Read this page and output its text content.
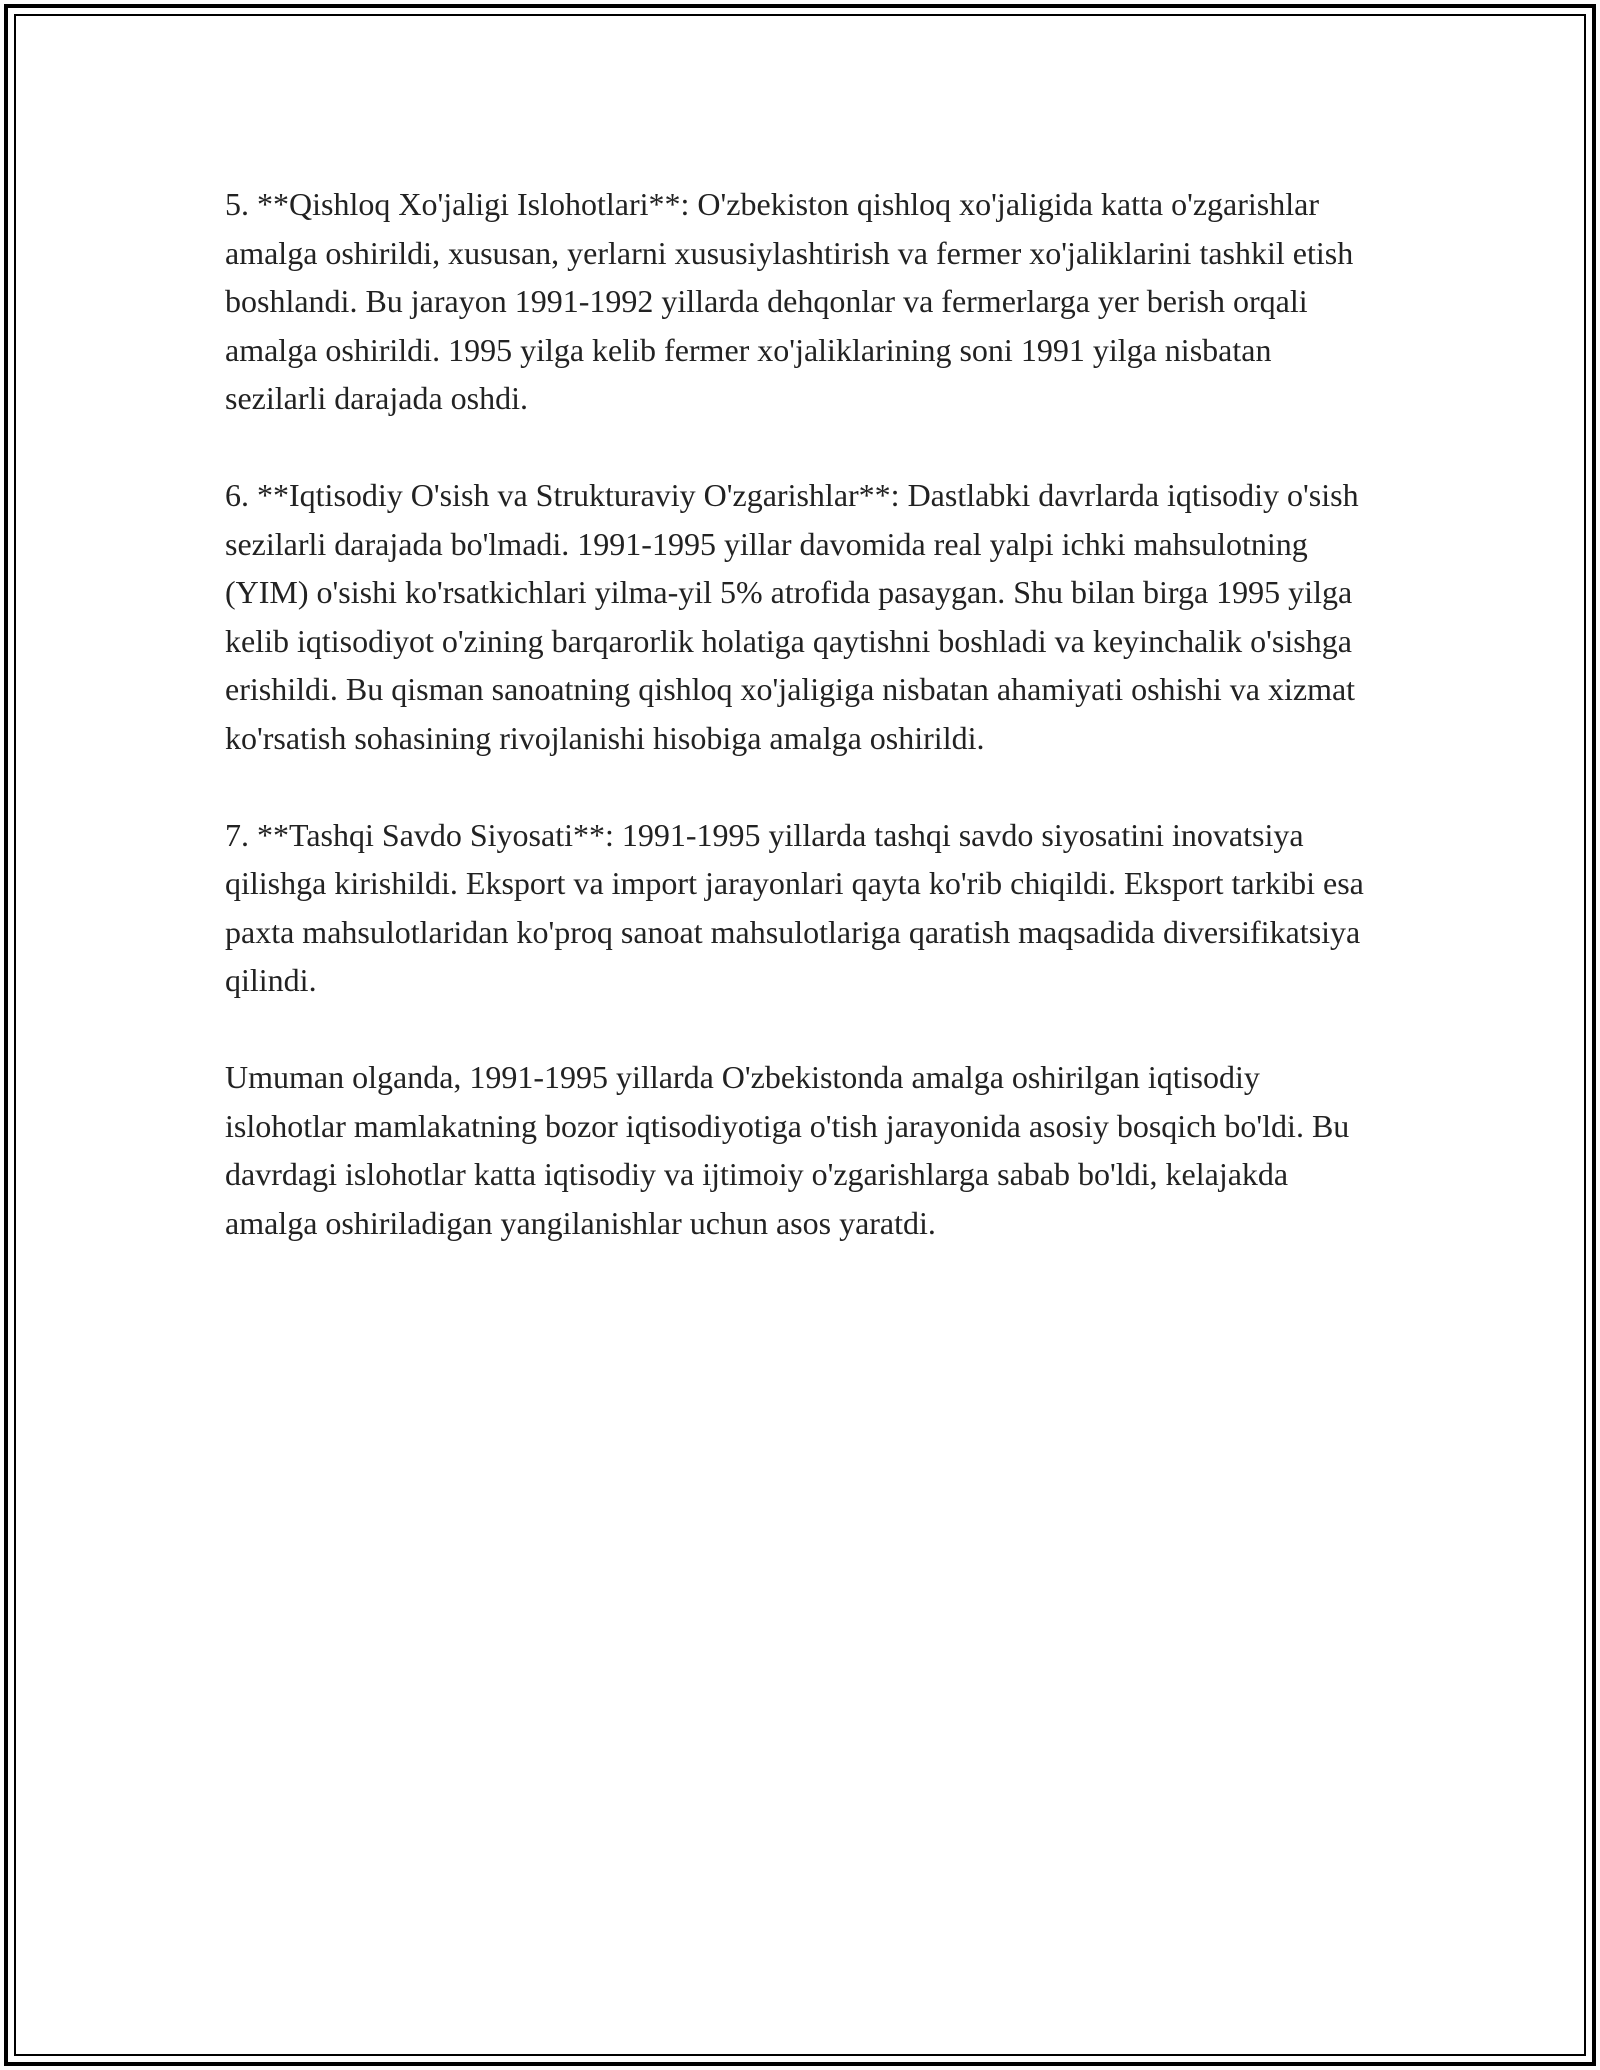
5. **Qishloq Xo'jaligi Islohotlari**: O'zbekiston qishloq xo'jaligida katta o'zgarishlar amalga oshirildi, xususan, yerlarni xususiylashtirish va fermer xo'jaliklarini tashkil etish boshlandi. Bu jarayon 1991-1992 yillarda dehqonlar va fermerlarga yer berish orqali amalga oshirildi. 1995 yilga kelib fermer xo'jaliklarining soni 1991 yilga nisbatan sezilarli darajada oshdi.

6. **Iqtisodiy O'sish va Strukturaviy O'zgarishlar**: Dastlabki davrlarda iqtisodiy o'sish sezilarli darajada bo'lmadi. 1991-1995 yillar davomida real yalpi ichki mahsulotning (YIM) o'sishi ko'rsatkichlari yilma-yil 5% atrofida pasaygan. Shu bilan birga 1995 yilga kelib iqtisodiyot o'zining barqarorlik holatiga qaytishni boshladi va keyinchalik o'sishga erishildi. Bu qisman sanoatning qishloq xo'jaligiga nisbatan ahamiyati oshishi va xizmat ko'rsatish sohasining rivojlanishi hisobiga amalga oshirildi.

7. **Tashqi Savdo Siyosati**: 1991-1995 yillarda tashqi savdo siyosatini inovatsiya qilishga kirishildi. Eksport va import jarayonlari qayta ko'rib chiqildi. Eksport tarkibi esa paxta mahsulotlaridan ko'proq sanoat mahsulotlariga qaratish maqsadida diversifikatsiya qilindi.

Umuman olganda, 1991-1995 yillarda O'zbekistonda amalga oshirilgan iqtisodiy islohotlar mamlakatning bozor iqtisodiyotiga o'tish jarayonida asosiy bosqich bo'ldi. Bu davrdagi islohotlar katta iqtisodiy va ijtimoiy o'zgarishlarga sabab bo'ldi, kelajakda amalga oshiriladigan yangilanishlar uchun asos yaratdi.
